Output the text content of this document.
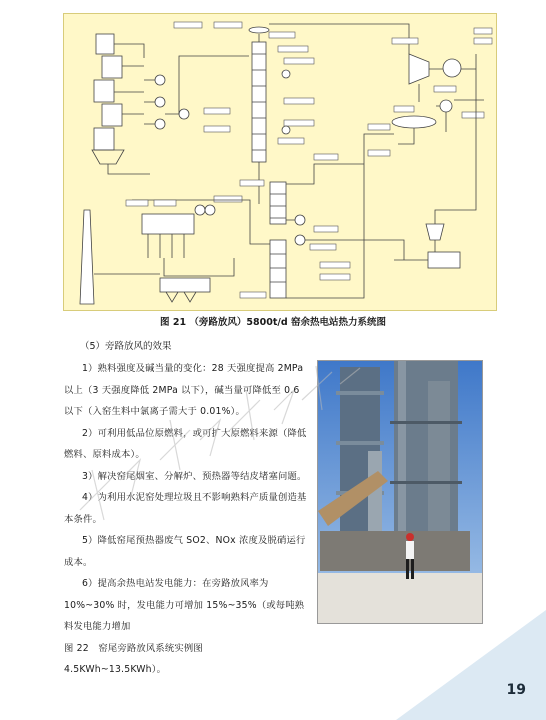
图 21 （旁路放风）5800t/d 窑余热电站热力系统图
（5）旁路放风的效果

1）熟料强度及碱当量的变化：28 天强度提高 2MPa 以上（3 天强度降低 2MPa 以下），碱当量可降低至 0.6 以下（入窑生料中氯离子需大于 0.01%）。

2）可利用低品位原燃料，或可扩大原燃料来源（降低燃料、原料成本）。

3）解决窑尾烟室、分解炉、预热器等结皮堵塞问题。

4）为利用水泥窑处理垃圾且不影响熟料产质量创造基本条件。

5）降低窑尾预热器废气 SO2、NOx 浓度及脱硝运行成本。

6）提高余热电站发电能力：在旁路放风率为 10%~30% 时，发电能力可增加 15%~35%（或每吨熟料发电能力增加

图 22　窑尾旁路放风系统实例图

4.5KWh~13.5KWh）。

19
